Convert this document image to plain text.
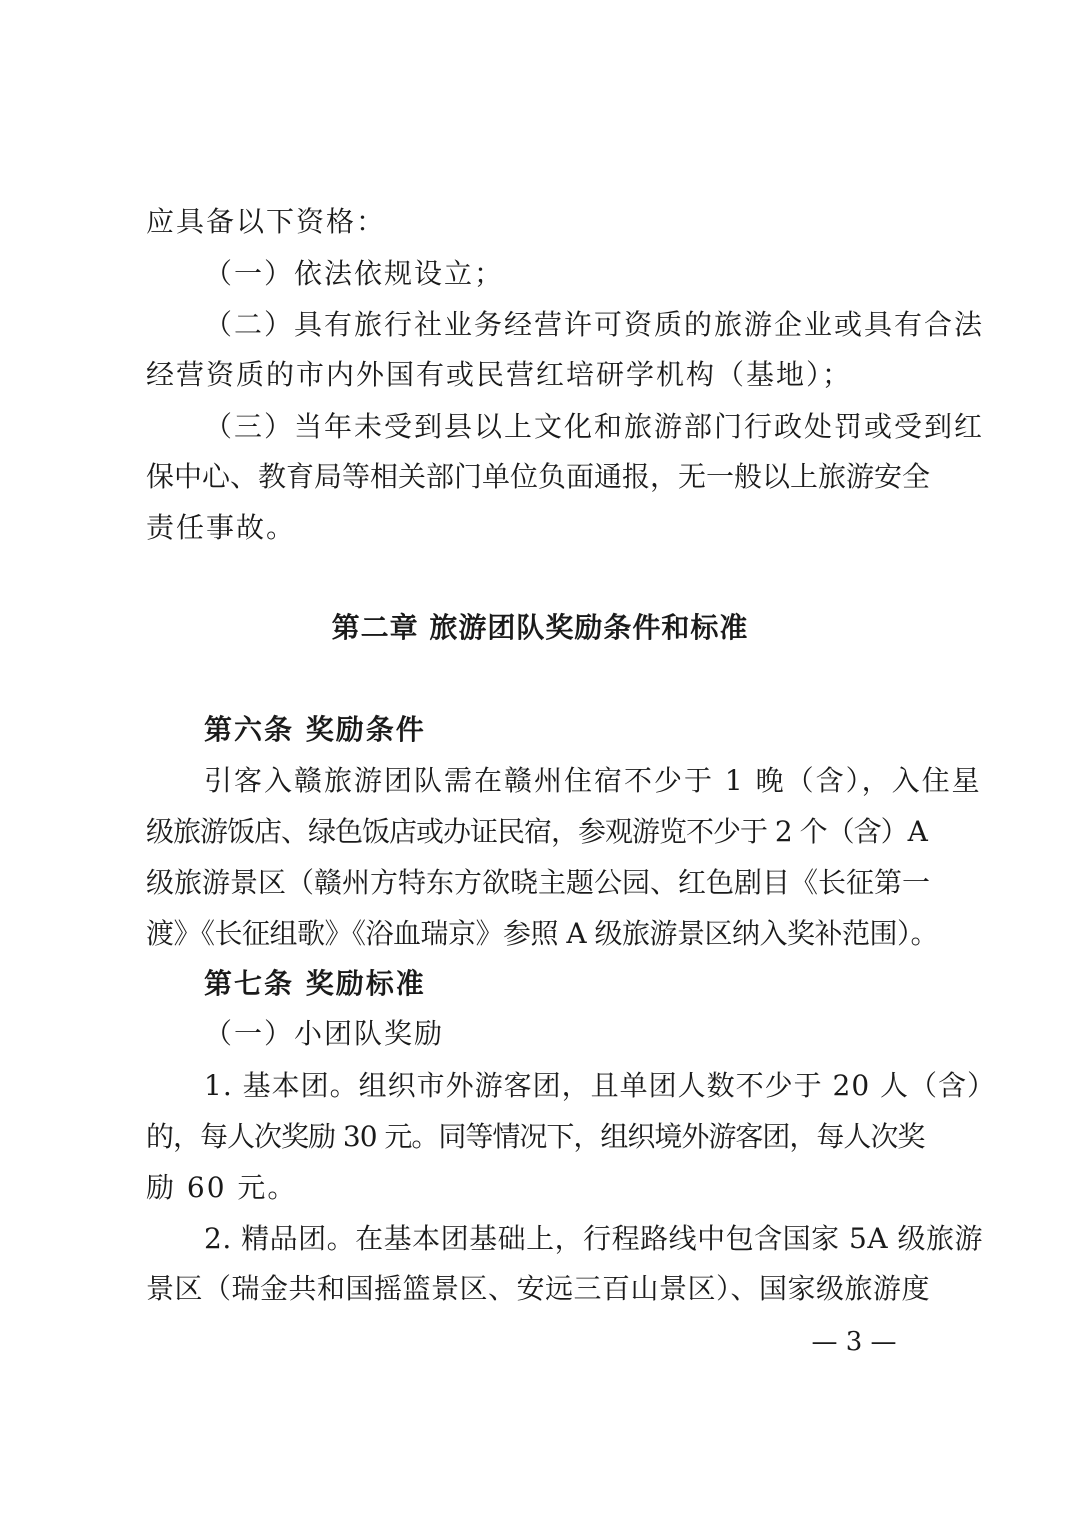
应具备以下资格：
（一）依法依规设立；
（二）具有旅行社业务经营许可资质的旅游企业或具有合法
经营资质的市内外国有或民营红培研学机构（基地）；
（三）当年未受到县以上文化和旅游部门行政处罚或受到红
保中心、教育局等相关部门单位负面通报，无一般以上旅游安全
责任事故。
第二章 旅游团队奖励条件和标准
第六条 奖励条件
引客入赣旅游团队需在赣州住宿不少于 1 晚（含），入住星
级旅游饭店、绿色饭店或办证民宿，参观游览不少于 2 个（含）A
级旅游景区（赣州方特东方欲晓主题公园、红色剧目《长征第一
渡》《长征组歌》《浴血瑞京》参照 A 级旅游景区纳入奖补范围）。
第七条 奖励标准
（一）小团队奖励
1. 基本团。组织市外游客团，且单团人数不少于 20 人（含）
的，每人次奖励 30 元。同等情况下，组织境外游客团，每人次奖
励 60 元。
2. 精品团。在基本团基础上，行程路线中包含国家 5A 级旅游
景区（瑞金共和国摇篮景区、安远三百山景区）、国家级旅游度
— 3 —
